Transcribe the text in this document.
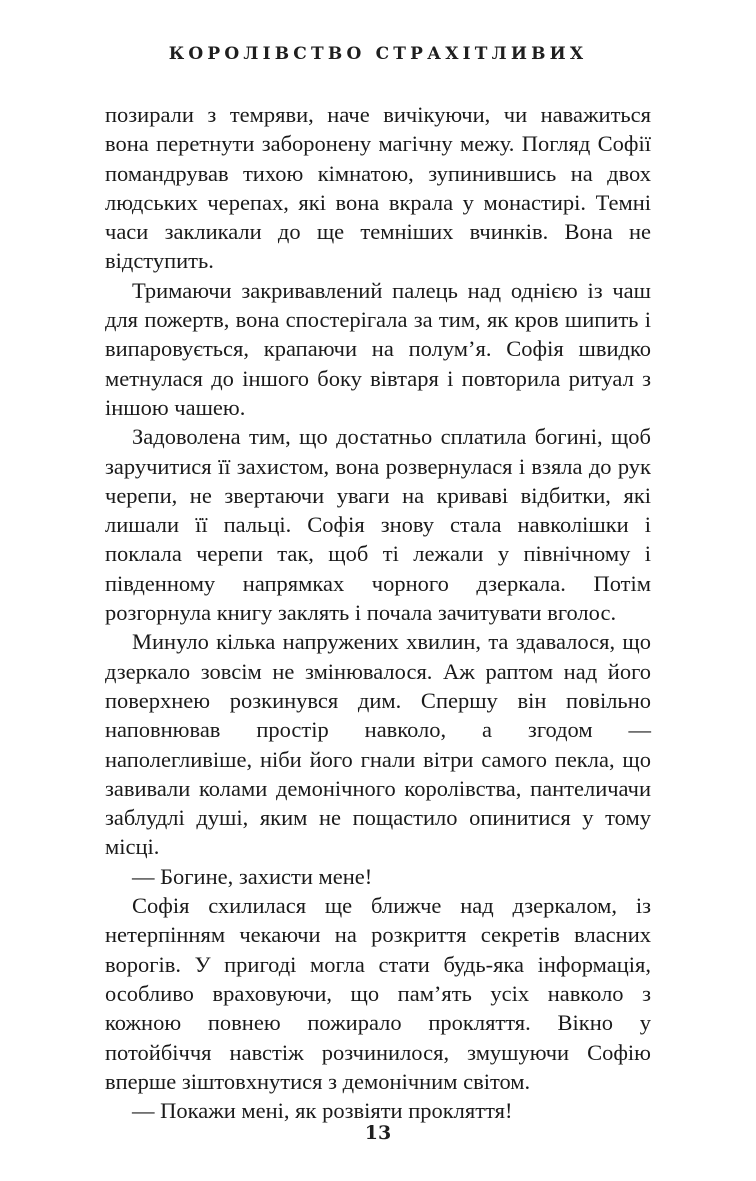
КОРОЛІВСТВО СТРАХІТЛИВИХ

позирали з темряви, наче вичікуючи, чи наважиться вона перетнути заборонену магічну межу. Погляд Софії помандрував тихою кімнатою, зупинившись на двох людських черепах, які вона вкрала у монастирі. Темні часи закликали до ще темніших вчинків. Вона не відступить.

Тримаючи закривавлений палець над однією із чаш для пожертв, вона спостерігала за тим, як кров шипить і випаровується, крапаючи на полум’я. Софія швидко метнулася до іншого боку вівтаря і повторила ритуал з іншою чашею.

Задоволена тим, що достатньо сплатила богині, щоб заручитися її захистом, вона розвернулася і взяла до рук черепи, не звертаючи уваги на криваві відбитки, які лишали її пальці. Софія знову стала навколішки і поклала черепи так, щоб ті лежали у північному і південному напрямках чорного дзеркала. Потім розгорнула книгу заклять і почала зачитувати вголос.

Минуло кілька напружених хвилин, та здавалося, що дзеркало зовсім не змінювалося. Аж раптом над його поверхнею розкинувся дим. Спершу він повільно наповнював простір навколо, а згодом — наполегливіше, ніби його гнали вітри самого пекла, що завивали колами демонічного королівства, пантеличачи заблудлі душі, яким не пощастило опинитися у тому місці.

— Богине, захисти мене!

Софія схилилася ще ближче над дзеркалом, із нетерпінням чекаючи на розкриття секретів власних ворогів. У пригоді могла стати будь-яка інформація, особливо враховуючи, що пам’ять усіх навколо з кожною повнею пожирало прокляття. Вікно у потойбіччя навстіж розчинилося, змушуючи Софію вперше зіштовхнутися з демонічним світом.

— Покажи мені, як розвіяти прокляття!

13
